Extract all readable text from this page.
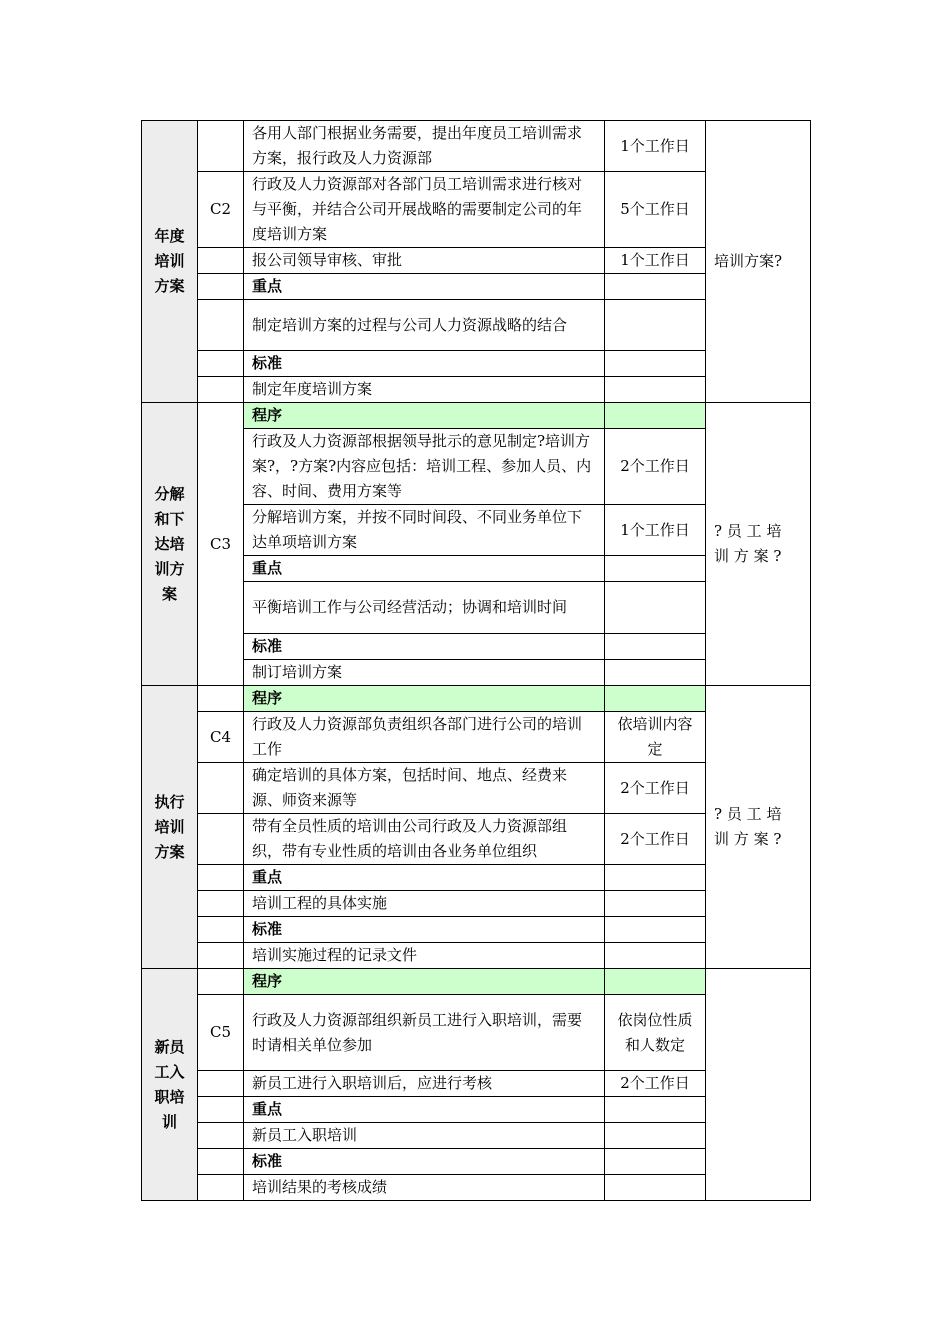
年度培训方案		各用人部门根据业务需要，提出年度员工培训需求方案，报行政及人力资源部	1个工作日	培训方案?
	C2	行政及人力资源部对各部门员工培训需求进行核对与平衡，并结合公司开展战略的需要制定公司的年度培训方案	5个工作日	
		报公司领导审核、审批	1个工作日	
		重点		
		制定培训方案的过程与公司人力资源战略的结合		
		标准		
		制定年度培训方案		
分解和下达培训方案	C3	程序		?员工培训方案?
		行政及人力资源部根据领导批示的意见制定?培训方案?，?方案?内容应包括：培训工程、参加人员、内容、时间、费用方案等	2个工作日	
		分解培训方案，并按不同时间段、不同业务单位下达单项培训方案	1个工作日	
		重点		
		平衡培训工作与公司经营活动；协调和培训时间		
		标准		
		制订培训方案		
执行培训方案		程序		?员工培训方案?
	C4	行政及人力资源部负责组织各部门进行公司的培训工作	依培训内容定	
		确定培训的具体方案，包括时间、地点、经费来源、师资来源等	2个工作日	
		带有全员性质的培训由公司行政及人力资源部组织，带有专业性质的培训由各业务单位组织	2个工作日	
		重点		
		培训工程的具体实施		
		标准		
		培训实施过程的记录文件		
新员工入职培训		程序		
	C5	行政及人力资源部组织新员工进行入职培训，需要时请相关单位参加	依岗位性质和人数定	
		新员工进行入职培训后，应进行考核	2个工作日	
		重点		
		新员工入职培训		
		标准		
		培训结果的考核成绩		
